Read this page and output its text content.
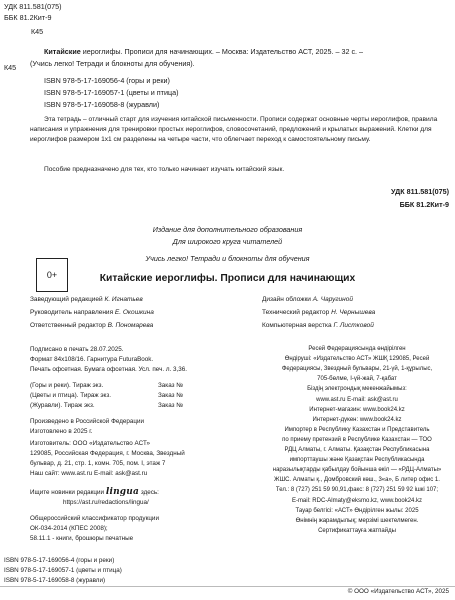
УДК 811.581(075)
ББК 81.2Кит-9
К45
К45
Китайские иероглифы. Прописи для начинающих. – Москва: Издательство АСТ, 2025. – 32 с. –
(Учись легко! Тетради и блокноты для обучения).
ISBN 978-5-17-169056-4 (горы и реки)
ISBN 978-5-17-169057-1 (цветы и птица)
ISBN 978-5-17-169058-8 (журавли)
Эта тетрадь – отличный старт для изучения китайской письменности. Прописи содержат основные черты иероглифов, правила написания и упражнения для тренировки простых иероглифов, словосочетаний, предложений и крылатых выражений. Клетки для иероглифов размером 1х1 см разделены на четыре части, что облегчает переход к самостоятельному письму.
Пособие предназначено для тех, кто только начинает изучать китайский язык.
УДК 811.581(075)
ББК 81.2Кит-9
Издание для дополнительного образования
Для широкого круга читателей
0+
Учись легко! Тетради и блокноты для обучения
Китайские иероглифы. Прописи для начинающих
Заведующий редакцией К. Игнатьев
Руководитель направления Е. Окошкина
Ответственный редактор В. Пономарева
Дизайн обложки А. Чаругиной
Технический редактор Н. Чернышева
Компьютерная верстка Г. Листковой
Подписано в печать 28.07.2025.
Формат 84х108/16. Гарнитура FuturaBook.
Печать офсетная. Бумага офсетная. Усл. печ. л. 3,36.
(Горы и реки). Тираж экз.	Заказ №
(Цветы и птица). Тираж экз.	Заказ №
(Журавли). Тираж экз.	Заказ №
Произведено в Российской Федерации
Изготовлено в 2025 г.
Изготовитель: ООО «Издательство АСТ»
129085, Российская Федерация, г. Москва, Звездный
бульвар, д. 21, стр. 1, комн. 705, пом. I, этаж 7
Наш сайт: www.ast.ru E-mail: ask@ast.ru
Ищите новинки редакции lingua здесь:
https://ast.ru/redactions/lingua/
Общероссийский классификатор продукции
ОК-034-2014 (КПЕС 2008);
58.11.1 - книги, брошюры печатные
Ресей Федерациясында өндірілген
Өндіруші: «Издательство АСТ» ЖШҚ 129085, Ресей
Федерациясы, Звездный бульвары, 21-үй, 1-құрылыс,
705-бөлме, I-үй-жай, 7-қабат
Біздің электрондық мекенжайымыз:
www.ast.ru E-mail: ask@ast.ru
Интернет-магазин: www.book24.kz
Интернет-дүкен: www.book24.kz
Импортер в Республику Казахстан и Представитель
по приему претензий в Республике Казахстан — ТОО
РДЦ Алматы, г. Алматы. Қазақстан Республикасына
импорттаушы және Қазақстан Республикасында
наразылықтарды қабылдау бойынша өкіл — «РДЦ-Алматы»
ЖШС. Алматы қ., Домбровский көш., 3«а», Б литер офис 1.
Тел.: 8 (727) 251 59 90,91,факс: 8 (727) 251 59 92 ішкі 107;
E-mail: RDC-Almaty@eksmo.kz, www.book24.kz
Тауар белгісі: «АСТ» Өндірілген жылы: 2025
Өнімнің жарамдылық; мерзімі шектелмеген.
Сертификаттауға жатпайды
ISBN 978-5-17-169056-4 (горы и реки)
ISBN 978-5-17-169057-1 (цветы и птица)
ISBN 978-5-17-169058-8 (журавли)
© ООО «Издательство АСТ», 2025
